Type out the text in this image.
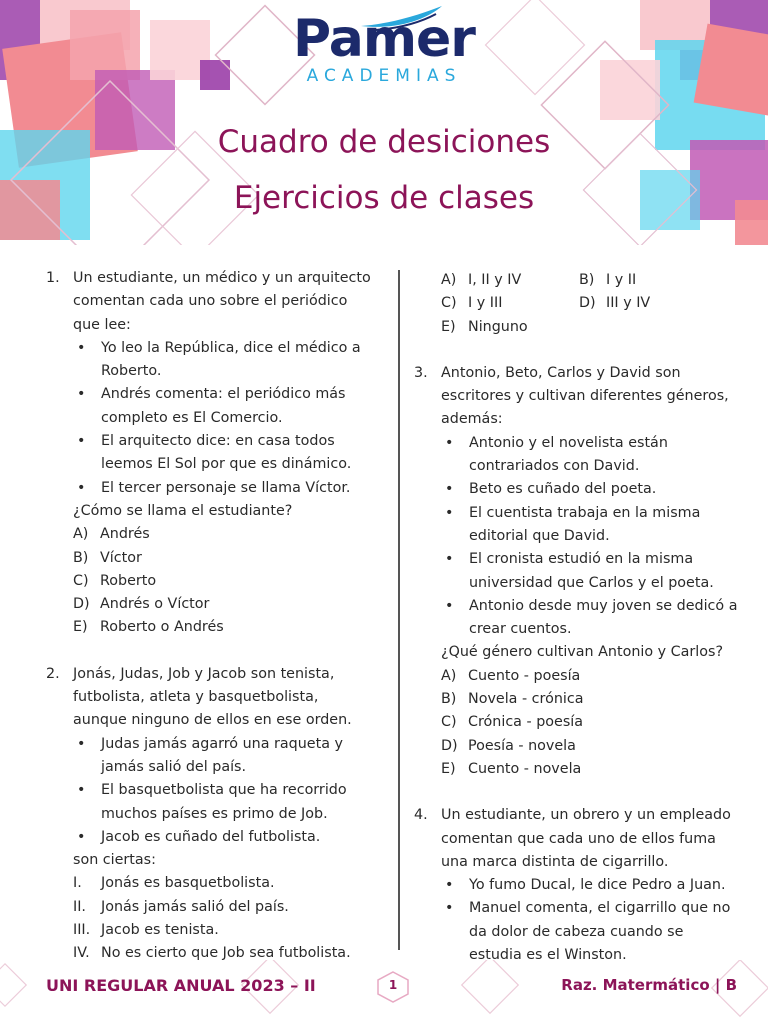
Pamer
ACADEMIAS
Cuadro de desiciones
Ejercicios de clases
1. Un estudiante, un médico y un arquitecto comentan cada uno sobre el periódico que lee:
• Yo leo la República, dice el médico a Roberto.
• Andrés comenta: el periódico más completo es El Comercio.
• El arquitecto dice: en casa todos leemos El Sol por que es dinámico.
• El tercer personaje se llama Víctor.
¿Cómo se llama el estudiante?
A) Andrés
B) Víctor
C) Roberto
D) Andrés o Víctor
E) Roberto o Andrés
2. Jonás, Judas, Job y Jacob son tenista, futbolista, atleta y basquetbolista, aunque ninguno de ellos en ese orden.
• Judas jamás agarró una raqueta y jamás salió del país.
• El basquetbolista que ha recorrido muchos países es primo de Job.
• Jacob es cuñado del futbolista.
son ciertas:
I.	Jonás es basquetbolista.
II.	Jonás jamás salió del país.
III. Jacob es tenista.
IV. No es cierto que Job sea futbolista.
A) I, II y IV	B) I y II
C) I y III	D) III y IV
E) Ninguno
3. Antonio, Beto, Carlos y David son escritores y cultivan diferentes géneros, además:
• Antonio y el novelista están contrariados con David.
• Beto es cuñado del poeta.
• El cuentista trabaja en la misma editorial que David.
• El cronista estudió en la misma universidad que Carlos y el poeta.
• Antonio desde muy joven se dedicó a crear cuentos.
¿Qué género cultivan Antonio y Carlos?
A) Cuento - poesía
B) Novela - crónica
C) Crónica - poesía
D) Poesía - novela
E) Cuento - novela
4. Un estudiante, un obrero y un empleado comentan que cada uno de ellos fuma una marca distinta de cigarrillo.
• Yo fumo Ducal, le dice Pedro a Juan.
• Manuel comenta, el cigarrillo que no da dolor de cabeza cuando se estudia es el Winston.
UNI REGULAR ANUAL 2023 – II	1	Raz. Matermático | B
